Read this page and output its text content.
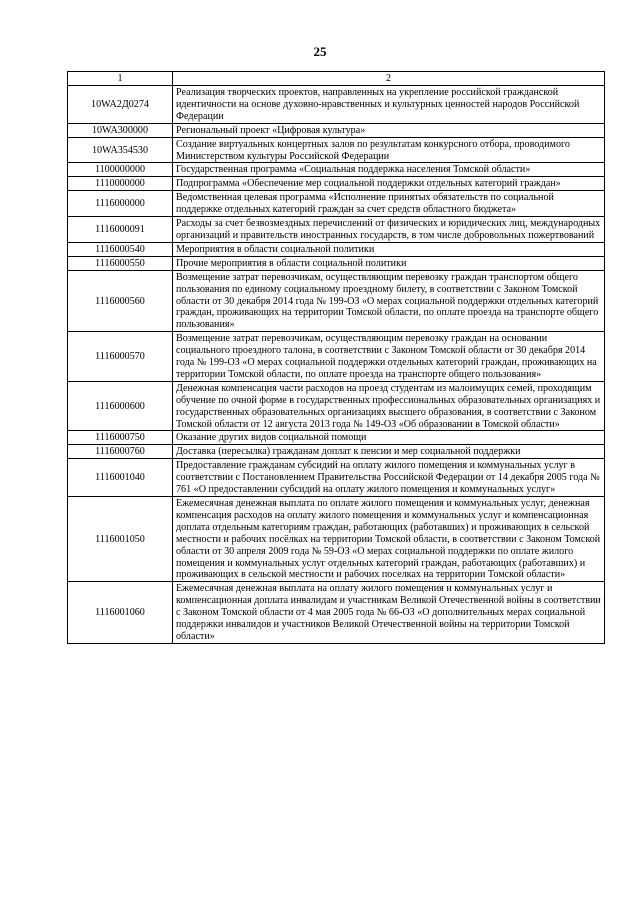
25
1	2
10WA2Д0274	Реализация творческих проектов, направленных на укрепление российской гражданской идентичности на основе духовно-нравственных и культурных ценностей народов Российской Федерации
10WA300000	Региональный проект «Цифровая культура»
10WA354530	Создание виртуальных концертных залов по результатам конкурсного отбора, проводимого Министерством культуры Российской Федерации
1100000000	Государственная программа «Социальная поддержка населения Томской области»
1110000000	Подпрограмма «Обеспечение мер социальной поддержки отдельных категорий граждан»
1116000000	Ведомственная целевая программа «Исполнение принятых обязательств по социальной поддержке отдельных категорий граждан за счет средств областного бюджета»
1116000091	Расходы за счет безвозмездных перечислений от физических и юридических лиц, международных организаций и правительств иностранных государств, в том числе добровольных пожертвований
1116000540	Мероприятия в области социальной политики
1116000550	Прочие мероприятия в области социальной политики
1116000560	Возмещение затрат перевозчикам, осуществляющим перевозку граждан транспортом общего пользования по единому социальному проездному билету, в соответствии с Законом Томской области от 30 декабря 2014 года № 199-ОЗ «О мерах социальной поддержки отдельных категорий граждан, проживающих на территории Томской области, по оплате проезда на транспорте общего пользования»
1116000570	Возмещение затрат перевозчикам, осуществляющим перевозку граждан на основании социального проездного талона, в соответствии с Законом Томской области от 30 декабря 2014 года № 199-ОЗ «О мерах социальной поддержки отдельных категорий граждан, проживающих на территории Томской области, по оплате проезда на транспорте общего пользования»
1116000600	Денежная компенсация части расходов на проезд студентам из малоимущих семей, проходящим обучение по очной форме в государственных профессиональных образовательных организациях и государственных образовательных организациях высшего образования, в соответствии с Законом Томской области от 12 августа 2013 года № 149-ОЗ «Об образовании в Томской области»
1116000750	Оказание других видов социальной помощи
1116000760	Доставка (пересылка) гражданам доплат к пенсии и мер социальной поддержки
1116001040	Предоставление гражданам субсидий на оплату жилого помещения и коммунальных услуг в соответствии с Постановлением Правительства Российской Федерации от 14 декабря 2005 года № 761 «О предоставлении субсидий на оплату жилого помещения и коммунальных услуг»
1116001050	Ежемесячная денежная выплата по оплате жилого помещения и коммунальных услуг, денежная компенсация расходов на оплату жилого помещения и коммунальных услуг и компенсационная доплата отдельным категориям граждан, работающих (работавших) и проживающих в сельской местности и рабочих посёлках на территории Томской области, в соответствии с Законом Томской области от 30 апреля 2009 года № 59-ОЗ «О мерах социальной поддержки по оплате жилого помещения и коммунальных услуг отдельных категорий граждан, работающих (работавших) и проживающих в сельской местности и рабочих поселках на территории Томской области»
1116001060	Ежемесячная денежная выплата на оплату жилого помещения и коммунальных услуг и компенсационная доплата инвалидам и участникам Великой Отечественной войны в соответствии с Законом Томской области от 4 мая 2005 года № 66-ОЗ «О дополнительных мерах социальной поддержки инвалидов и участников Великой Отечественной войны на территории Томской области»
